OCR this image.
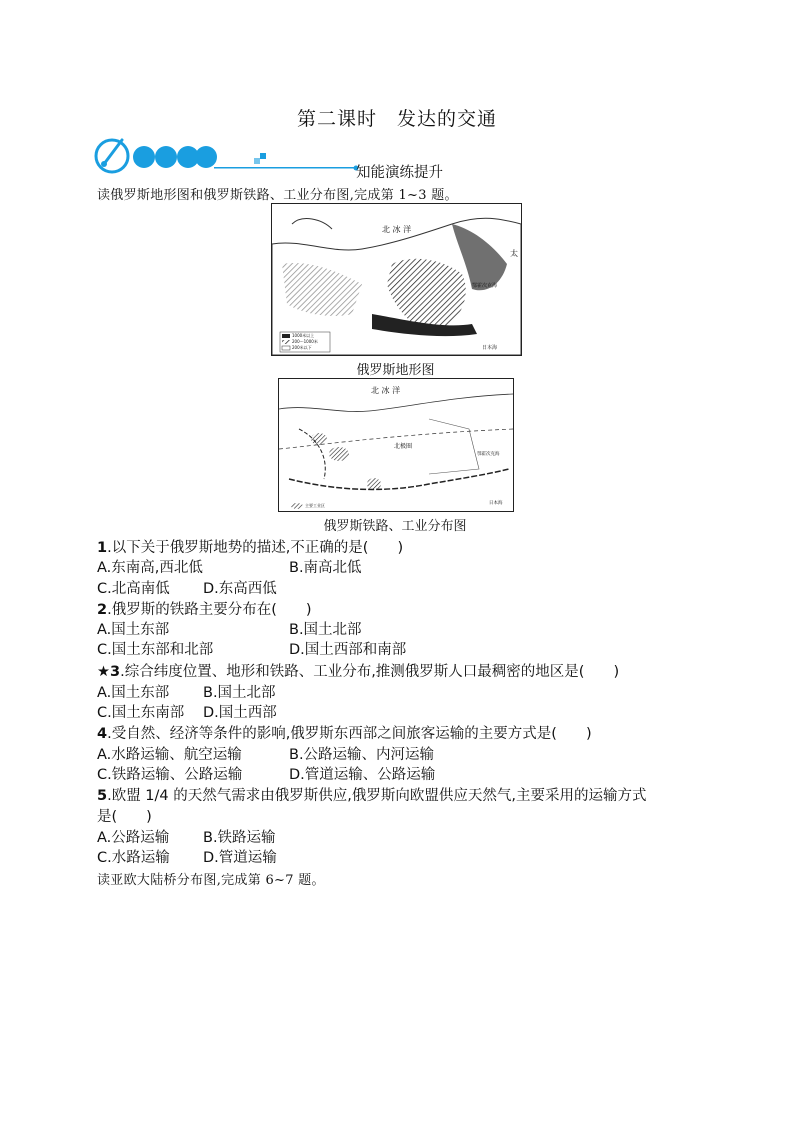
第二课时　发达的交通
知能演练提升
读俄罗斯地形图和俄罗斯铁路、工业分布图,完成第 1~3 题。
北 冰 洋
太
鄂霍次克海
日本海
1000米以上
200～1000米
200米以下
俄罗斯地形图
北 冰 洋
北极圈
鄂霍次克海
日本海
主要工业区
俄罗斯铁路、工业分布图
1.以下关于俄罗斯地势的描述,不正确的是(　　)
A.东南高,西北低	B.南高北低
C.北高南低 D.东高西低
2.俄罗斯的铁路主要分布在(　　)
A.国土东部	B.国土北部
C.国土东部和北部	D.国土西部和南部
★3.综合纬度位置、地形和铁路、工业分布,推测俄罗斯人口最稠密的地区是(　　)
A.国土东部 B.国土北部
C.国土东南部 D.国土西部
4.受自然、经济等条件的影响,俄罗斯东西部之间旅客运输的主要方式是(　　)
A.水路运输、航空运输	B.公路运输、内河运输
C.铁路运输、公路运输	D.管道运输、公路运输
5.欧盟 1/4 的天然气需求由俄罗斯供应,俄罗斯向欧盟供应天然气,主要采用的运输方式
是(　　)
A.公路运输 B.铁路运输
C.水路运输 D.管道运输
读亚欧大陆桥分布图,完成第 6~7 题。
